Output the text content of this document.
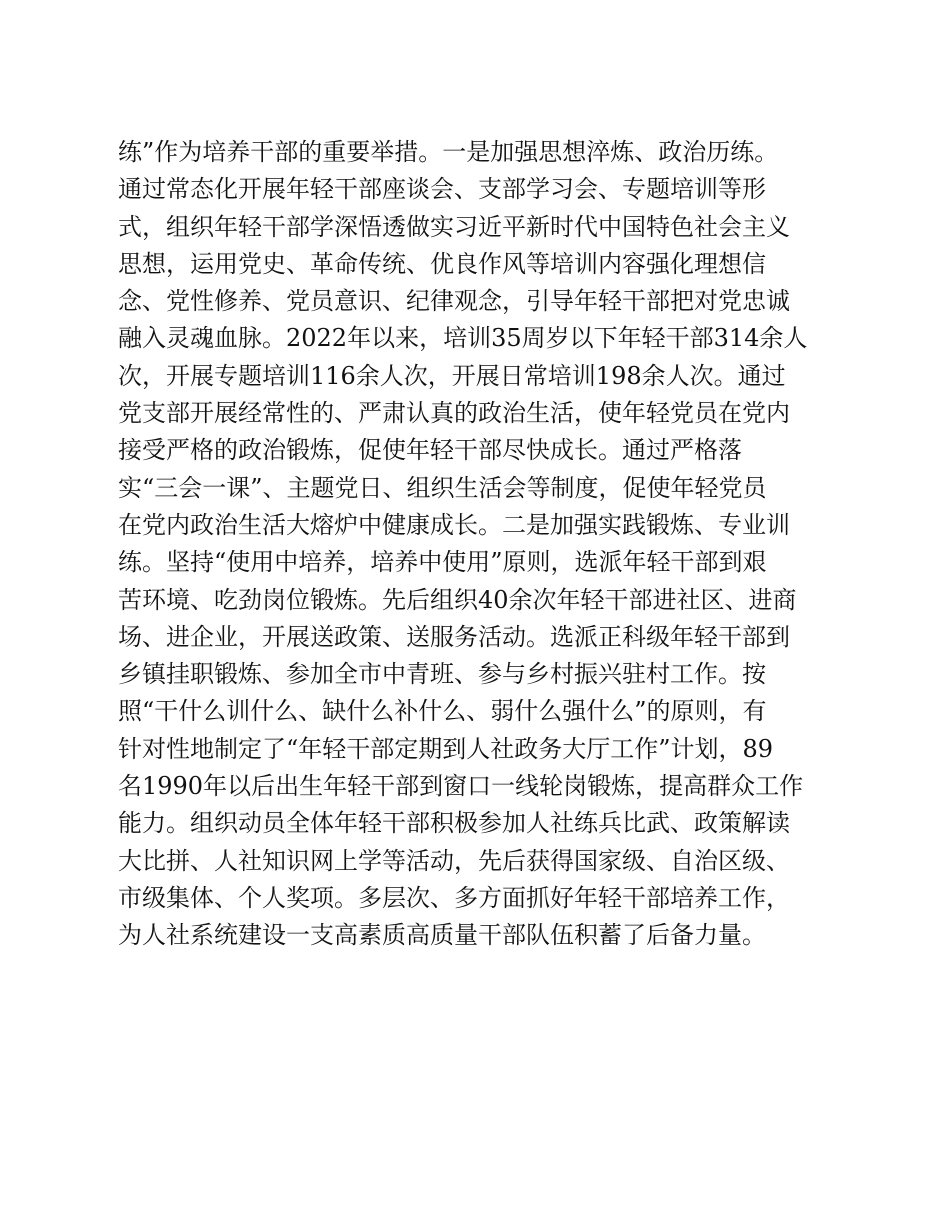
练”作为培养干部的重要举措。一是加强思想淬炼、政治历练。
通过常态化开展年轻干部座谈会、支部学习会、专题培训等形
式，组织年轻干部学深悟透做实习近平新时代中国特色社会主义
思想，运用党史、革命传统、优良作风等培训内容强化理想信
念、党性修养、党员意识、纪律观念，引导年轻干部把对党忠诚
融入灵魂血脉。2022年以来，培训35周岁以下年轻干部314余人
次，开展专题培训116余人次，开展日常培训198余人次。通过
党支部开展经常性的、严肃认真的政治生活，使年轻党员在党内
接受严格的政治锻炼，促使年轻干部尽快成长。通过严格落
实“三会一课”、主题党日、组织生活会等制度，促使年轻党员
在党内政治生活大熔炉中健康成长。二是加强实践锻炼、专业训
练。坚持“使用中培养，培养中使用”原则，选派年轻干部到艰
苦环境、吃劲岗位锻炼。先后组织40余次年轻干部进社区、进商
场、进企业，开展送政策、送服务活动。选派正科级年轻干部到
乡镇挂职锻炼、参加全市中青班、参与乡村振兴驻村工作。按
照“干什么训什么、缺什么补什么、弱什么强什么”的原则，有
针对性地制定了“年轻干部定期到人社政务大厅工作”计划，89
名1990年以后出生年轻干部到窗口一线轮岗锻炼，提高群众工作
能力。组织动员全体年轻干部积极参加人社练兵比武、政策解读
大比拼、人社知识网上学等活动，先后获得国家级、自治区级、
市级集体、个人奖项。多层次、多方面抓好年轻干部培养工作，
为人社系统建设一支高素质高质量干部队伍积蓄了后备力量。
